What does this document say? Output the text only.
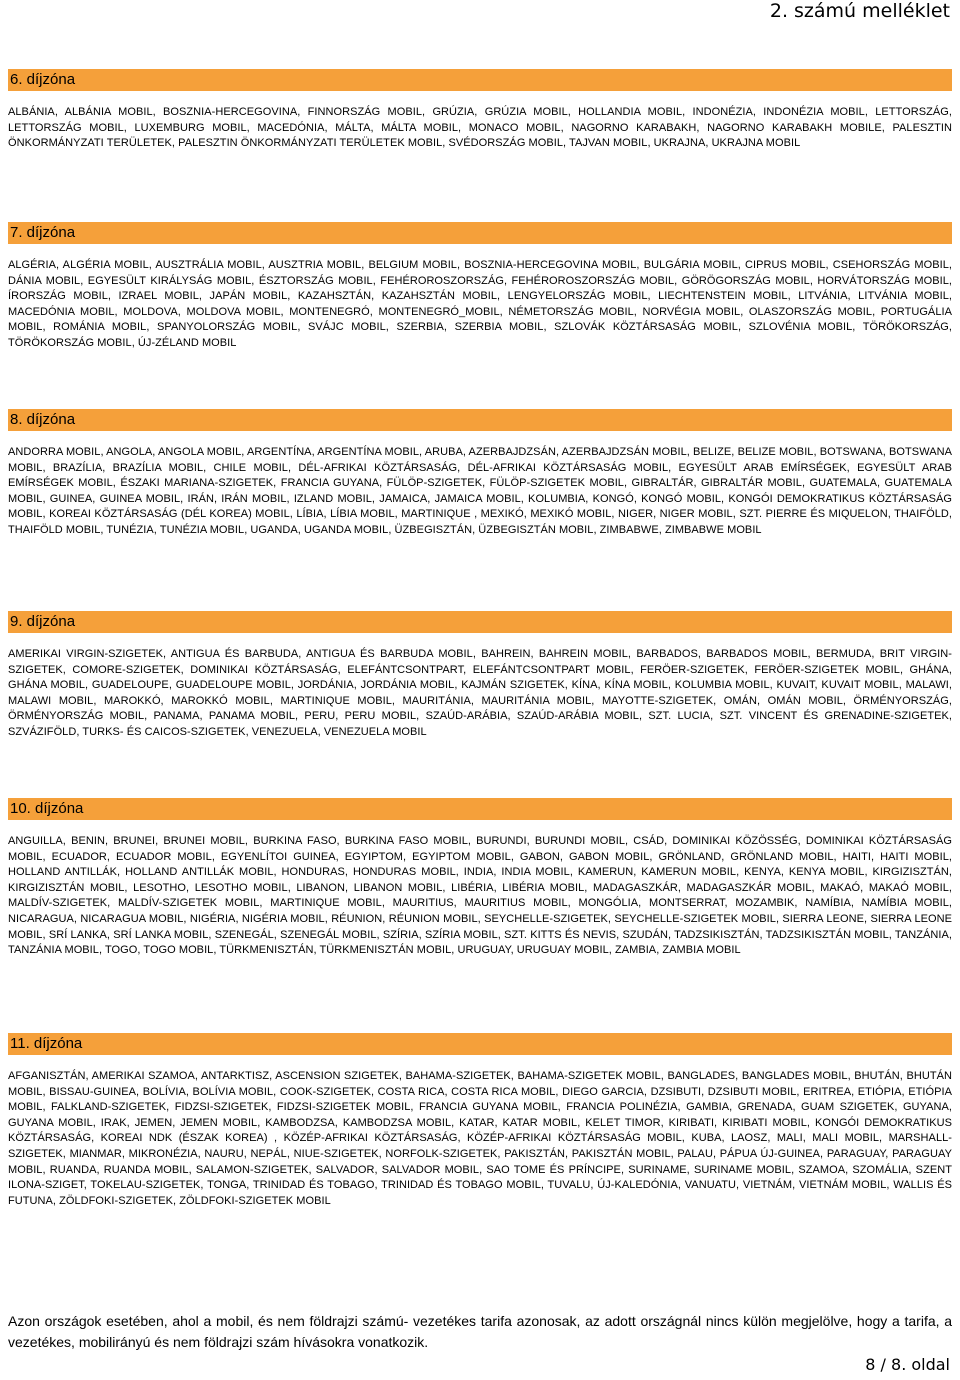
2. számú melléklet
6. díjzóna
ALBÁNIA, ALBÁNIA MOBIL, BOSZNIA-HERCEGOVINA, FINNORSZÁG MOBIL, GRÚZIA, GRÚZIA MOBIL, HOLLANDIA MOBIL, INDONÉZIA, INDONÉZIA MOBIL, LETTORSZÁG, LETTORSZÁG MOBIL, LUXEMBURG MOBIL, MACEDÓNIA, MÁLTA, MÁLTA MOBIL, MONACO MOBIL, NAGORNO KARABAKH, NAGORNO KARABAKH MOBILE, PALESZTIN ÖNKORMÁNYZATI TERÜLETEK, PALESZTIN ÖNKORMÁNYZATI TERÜLETEK MOBIL, SVÉDORSZÁG MOBIL, TAJVAN MOBIL, UKRAJNA, UKRAJNA MOBIL
7. díjzóna
ALGÉRIA, ALGÉRIA MOBIL, AUSZTRÁLIA MOBIL, AUSZTRIA MOBIL, BELGIUM MOBIL, BOSZNIA-HERCEGOVINA MOBIL, BULGÁRIA MOBIL, CIPRUS MOBIL, CSEHORSZÁG MOBIL, DÁNIA MOBIL, EGYESÜLT KIRÁLYSÁG MOBIL, ÉSZTORSZÁG MOBIL, FEHÉROROSZORSZÁG, FEHÉROROSZORSZÁG MOBIL, GÖRÖGORSZÁG MOBIL, HORVÁTORSZÁG MOBIL, ÍRORSZÁG MOBIL, IZRAEL MOBIL, JAPÁN MOBIL, KAZAHSZTÁN, KAZAHSZTÁN MOBIL, LENGYELORSZÁG MOBIL, LIECHTENSTEIN MOBIL, LITVÁNIA, LITVÁNIA MOBIL, MACEDÓNIA MOBIL, MOLDOVA, MOLDOVA MOBIL, MONTENEGRÓ, MONTENEGRÓ_MOBIL, NÉMETORSZÁG MOBIL, NORVÉGIA MOBIL, OLASZORSZÁG MOBIL, PORTUGÁLIA MOBIL, ROMÁNIA MOBIL, SPANYOLORSZÁG MOBIL, SVÁJC MOBIL, SZERBIA, SZERBIA MOBIL, SZLOVÁK KÖZTÁRSASÁG MOBIL, SZLOVÉNIA MOBIL, TÖRÖKORSZÁG, TÖRÖKORSZÁG MOBIL, ÚJ-ZÉLAND MOBIL
8. díjzóna
ANDORRA MOBIL, ANGOLA, ANGOLA MOBIL, ARGENTÍNA, ARGENTÍNA MOBIL, ARUBA, AZERBAJDZSÁN, AZERBAJDZSÁN MOBIL, BELIZE, BELIZE MOBIL, BOTSWANA, BOTSWANA MOBIL, BRAZÍLIA, BRAZÍLIA MOBIL, CHILE MOBIL, DÉL-AFRIKAI KÖZTÁRSASÁG, DÉL-AFRIKAI KÖZTÁRSASÁG MOBIL, EGYESÜLT ARAB EMÍRSÉGEK, EGYESÜLT ARAB EMÍRSÉGEK MOBIL, ÉSZAKI MARIANA-SZIGETEK, FRANCIA GUYANA, FÜLÖP-SZIGETEK, FÜLÖP-SZIGETEK MOBIL, GIBRALTÁR, GIBRALTÁR MOBIL, GUATEMALA, GUATEMALA MOBIL, GUINEA, GUINEA MOBIL, IRÁN, IRÁN MOBIL, IZLAND MOBIL, JAMAICA, JAMAICA MOBIL, KOLUMBIA, KONGÓ, KONGÓ MOBIL, KONGÓI DEMOKRATIKUS KÖZTÁRSASÁG MOBIL, KOREAI KÖZTÁRSASÁG (DÉL KOREA) MOBIL, LÍBIA, LÍBIA MOBIL, MARTINIQUE , MEXIKÓ, MEXIKÓ MOBIL, NIGER, NIGER MOBIL, SZT. PIERRE ÉS MIQUELON, THAIFÖLD, THAIFÖLD MOBIL, TUNÉZIA, TUNÉZIA MOBIL, UGANDA, UGANDA MOBIL, ÜZBEGISZTÁN, ÜZBEGISZTÁN MOBIL, ZIMBABWE, ZIMBABWE MOBIL
9. díjzóna
AMERIKAI VIRGIN-SZIGETEK, ANTIGUA ÉS BARBUDA, ANTIGUA ÉS BARBUDA MOBIL, BAHREIN, BAHREIN MOBIL, BARBADOS, BARBADOS MOBIL, BERMUDA, BRIT VIRGIN-SZIGETEK, COMORE-SZIGETEK, DOMINIKAI KÖZTÁRSASÁG, ELEFÁNTCSONTPART, ELEFÁNTCSONTPART MOBIL, FERÖER-SZIGETEK, FERÖER-SZIGETEK MOBIL, GHÁNA, GHÁNA MOBIL, GUADELOUPE, GUADELOUPE MOBIL, JORDÁNIA, JORDÁNIA MOBIL, KAJMÁN SZIGETEK, KÍNA, KÍNA MOBIL, KOLUMBIA MOBIL, KUVAIT, KUVAIT MOBIL, MALAWI, MALAWI MOBIL, MAROKKÓ, MAROKKÓ MOBIL, MARTINIQUE MOBIL, MAURITÁNIA, MAURITÁNIA MOBIL, MAYOTTE-SZIGETEK, OMÁN, OMÁN MOBIL, ÖRMÉNYORSZÁG, ÖRMÉNYORSZÁG MOBIL, PANAMA, PANAMA MOBIL, PERU, PERU MOBIL, SZAÚD-ARÁBIA, SZAÚD-ARÁBIA MOBIL, SZT. LUCIA, SZT. VINCENT ÉS GRENADINE-SZIGETEK, SZVÁZIFÖLD, TURKS- ÉS CAICOS-SZIGETEK, VENEZUELA, VENEZUELA MOBIL
10. díjzóna
ANGUILLA, BENIN, BRUNEI, BRUNEI MOBIL, BURKINA FASO, BURKINA FASO MOBIL, BURUNDI, BURUNDI MOBIL, CSÁD, DOMINIKAI KÖZÖSSÉG, DOMINIKAI KÖZTÁRSASÁG MOBIL, ECUADOR, ECUADOR MOBIL, EGYENLÍTOI GUINEA, EGYIPTOM, EGYIPTOM MOBIL, GABON, GABON MOBIL, GRÖNLAND, GRÖNLAND MOBIL, HAITI, HAITI MOBIL, HOLLAND ANTILLÁK, HOLLAND ANTILLÁK MOBIL, HONDURAS, HONDURAS MOBIL, INDIA, INDIA MOBIL, KAMERUN, KAMERUN MOBIL, KENYA, KENYA MOBIL, KIRGIZISZTÁN, KIRGIZISZTÁN MOBIL, LESOTHO, LESOTHO MOBIL, LIBANON, LIBANON MOBIL, LIBÉRIA, LIBÉRIA MOBIL, MADAGASZKÁR, MADAGASZKÁR MOBIL, MAKAÓ, MAKAÓ MOBIL, MALDÍV-SZIGETEK, MALDÍV-SZIGETEK MOBIL, MARTINIQUE MOBIL, MAURITIUS, MAURITIUS MOBIL, MONGÓLIA, MONTSERRAT, MOZAMBIK, NAMÍBIA, NAMÍBIA MOBIL, NICARAGUA, NICARAGUA MOBIL, NIGÉRIA, NIGÉRIA MOBIL, RÉUNION, RÉUNION MOBIL, SEYCHELLE-SZIGETEK, SEYCHELLE-SZIGETEK MOBIL, SIERRA LEONE, SIERRA LEONE MOBIL, SRÍ LANKA, SRÍ LANKA MOBIL, SZENEGÁL, SZENEGÁL MOBIL, SZÍRIA, SZÍRIA MOBIL, SZT. KITTS ÉS NEVIS, SZUDÁN, TADZSIKISZTÁN, TADZSIKISZTÁN MOBIL, TANZÁNIA, TANZÁNIA MOBIL, TOGO, TOGO MOBIL, TÜRKMENISZTÁN, TÜRKMENISZTÁN MOBIL, URUGUAY, URUGUAY MOBIL, ZAMBIA, ZAMBIA MOBIL
11. díjzóna
AFGANISZTÁN, AMERIKAI SZAMOA, ANTARKTISZ, ASCENSION SZIGETEK, BAHAMA-SZIGETEK, BAHAMA-SZIGETEK MOBIL, BANGLADES, BANGLADES MOBIL, BHUTÁN, BHUTÁN MOBIL, BISSAU-GUINEA, BOLÍVIA, BOLÍVIA MOBIL, COOK-SZIGETEK, COSTA RICA, COSTA RICA MOBIL, DIEGO GARCIA, DZSIBUTI, DZSIBUTI MOBIL, ERITREA, ETIÓPIA, ETIÓPIA MOBIL, FALKLAND-SZIGETEK, FIDZSI-SZIGETEK, FIDZSI-SZIGETEK MOBIL, FRANCIA GUYANA MOBIL, FRANCIA POLINÉZIA, GAMBIA, GRENADA, GUAM SZIGETEK, GUYANA, GUYANA MOBIL, IRAK, JEMEN, JEMEN MOBIL, KAMBODZSA, KAMBODZSA MOBIL, KATAR, KATAR MOBIL, KELET TIMOR, KIRIBATI, KIRIBATI MOBIL, KONGÓI DEMOKRATIKUS KÖZTÁRSASÁG, KOREAI NDK (ÉSZAK KOREA) , KÖZÉP-AFRIKAI KÖZTÁRSASÁG, KÖZÉP-AFRIKAI KÖZTÁRSASÁG MOBIL, KUBA, LAOSZ, MALI, MALI MOBIL, MARSHALL-SZIGETEK, MIANMAR, MIKRONÉZIA, NAURU, NEPÁL, NIUE-SZIGETEK, NORFOLK-SZIGETEK, PAKISZTÁN, PAKISZTÁN MOBIL, PALAU, PÁPUA ÚJ-GUINEA, PARAGUAY, PARAGUAY MOBIL, RUANDA, RUANDA MOBIL, SALAMON-SZIGETEK, SALVADOR, SALVADOR MOBIL, SAO TOME ÉS PRÍNCIPE, SURINAME, SURINAME MOBIL, SZAMOA, SZOMÁLIA, SZENT ILONA-SZIGET, TOKELAU-SZIGETEK, TONGA, TRINIDAD ÉS TOBAGO, TRINIDAD ÉS TOBAGO MOBIL, TUVALU, ÚJ-KALEDÓNIA, VANUATU, VIETNÁM, VIETNÁM MOBIL, WALLIS ÉS FUTUNA, ZÖLDFOKI-SZIGETEK, ZÖLDFOKI-SZIGETEK MOBIL
Azon országok esetében, ahol a mobil, és nem földrajzi számú- vezetékes tarifa azonosak, az adott országnál nincs külön megjelölve, hogy a tarifa, a vezetékes, mobilirányú és nem földrajzi szám hívásokra vonatkozik.
8 / 8. oldal
